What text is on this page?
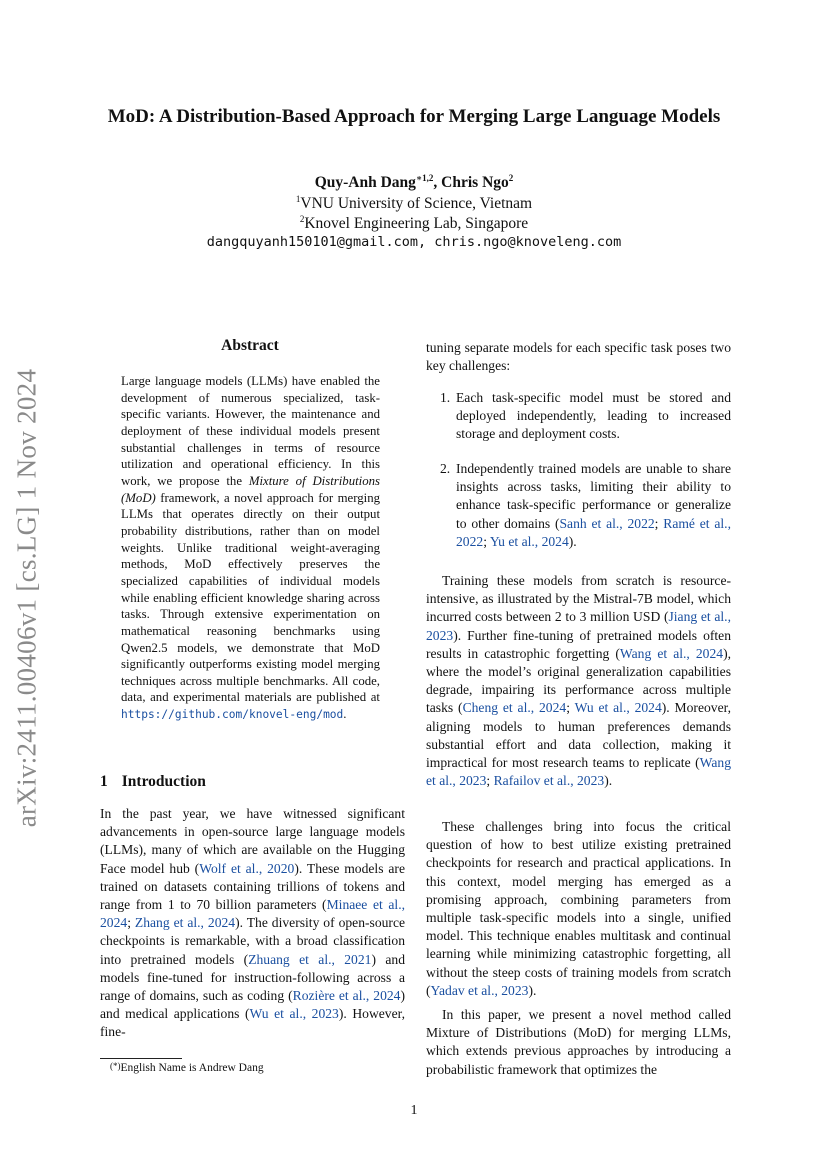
arXiv:2411.00406v1 [cs.LG] 1 Nov 2024
MoD: A Distribution-Based Approach for Merging Large Language Models
Quy-Anh Dang$^{∗1,2}$, Chris Ngo$^2$
$^1$VNU University of Science, Vietnam
$^2$Knovel Engineering Lab, Singapore
dangquyanh150101@gmail.com, chris.ngo@knoveleng.com
Abstract
Large language models (LLMs) have enabled the development of numerous specialized, task-specific variants. However, the maintenance and deployment of these individual models present substantial challenges in terms of resource utilization and operational efficiency. In this work, we propose the Mixture of Distributions (MoD) framework, a novel approach for merging LLMs that operates directly on their output probability distributions, rather than on model weights. Unlike traditional weight-averaging methods, MoD effectively preserves the specialized capabilities of individual models while enabling efficient knowledge sharing across tasks. Through extensive experimentation on mathematical reasoning benchmarks using Qwen2.5 models, we demonstrate that MoD significantly outperforms existing model merging techniques across multiple benchmarks. All code, data, and experimental materials are published at https://github.com/knovel-eng/mod.
1 Introduction
In the past year, we have witnessed significant advancements in open-source large language models (LLMs), many of which are available on the Hugging Face model hub (Wolf et al., 2020). These models are trained on datasets containing trillions of tokens and range from 1 to 70 billion parameters (Minaee et al., 2024; Zhang et al., 2024). The diversity of open-source checkpoints is remarkable, with a broad classification into pretrained models (Zhuang et al., 2021) and models fine-tuned for instruction-following across a range of domains, such as coding (Rozière et al., 2024) and medical applications (Wu et al., 2023). However, fine-
tuning separate models for each specific task poses two key challenges:
1. Each task-specific model must be stored and deployed independently, leading to increased storage and deployment costs.
2. Independently trained models are unable to share insights across tasks, limiting their ability to enhance task-specific performance or generalize to other domains (Sanh et al., 2022; Ramé et al., 2022; Yu et al., 2024).
Training these models from scratch is resource-intensive, as illustrated by the Mistral-7B model, which incurred costs between 2 to 3 million USD (Jiang et al., 2023). Further fine-tuning of pretrained models often results in catastrophic forgetting (Wang et al., 2024), where the model’s original generalization capabilities degrade, impairing its performance across multiple tasks (Cheng et al., 2024; Wu et al., 2024). Moreover, aligning models to human preferences demands substantial effort and data collection, making it impractical for most research teams to replicate (Wang et al., 2023; Rafailov et al., 2023).
These challenges bring into focus the critical question of how to best utilize existing pretrained checkpoints for research and practical applications. In this context, model merging has emerged as a promising approach, combining parameters from multiple task-specific models into a single, unified model. This technique enables multitask and continual learning while minimizing catastrophic forgetting, all without the steep costs of training models from scratch (Yadav et al., 2023).
In this paper, we present a novel method called Mixture of Distributions (MoD) for merging LLMs, which extends previous approaches by introducing a probabilistic framework that optimizes the
(*)English Name is Andrew Dang
1
